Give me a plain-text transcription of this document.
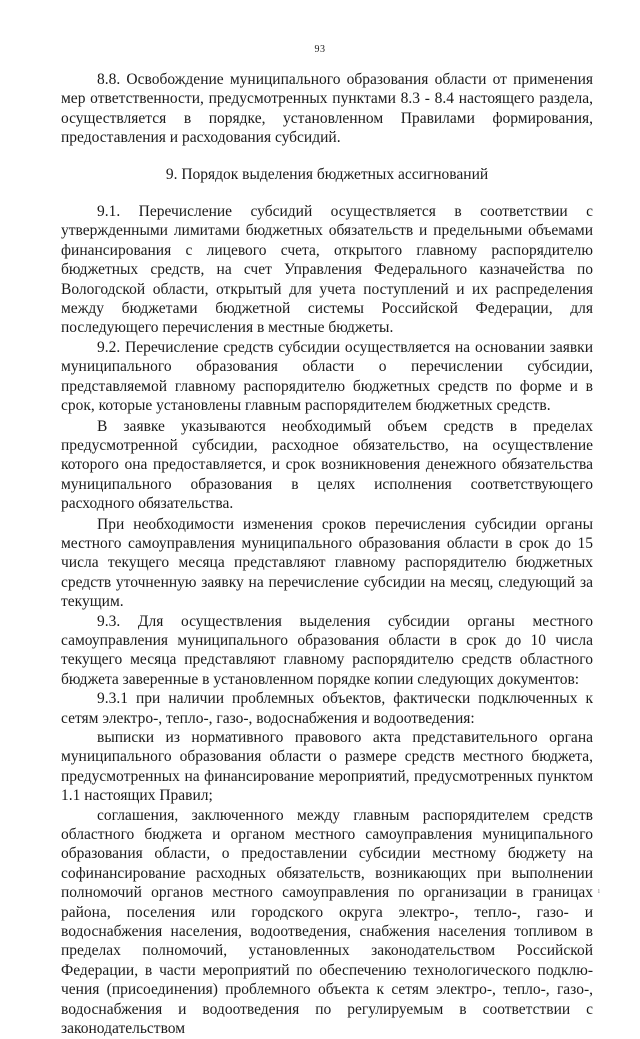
93

8.8. Освобождение муниципального образования области от применения мер ответственности, предусмотренных пунктами 8.3 - 8.4 настоящего раздела, осуществляется в порядке, установленном Правилами формирования, предоставления и расходования субсидий.

9. Порядок выделения бюджетных ассигнований

9.1. Перечисление субсидий осуществляется в соответствии с утвержденными лимитами бюджетных обязательств и предельными объемами финансирования с лицевого счета, открытого главному распорядителю бюджетных средств, на счет Управления Федерального казначейства по Вологодской области, открытый для учета поступлений и их распределения между бюджетами бюджетной системы Российской Федерации, для последующего перечисления в местные бюджеты.

9.2. Перечисление средств субсидии осуществляется на основании заявки муниципального образования области о перечислении субсидии, представляемой главному распорядителю бюджетных средств по форме и в срок, которые установлены главным распорядителем бюджетных средств.

В заявке указываются необходимый объем средств в пределах предусмотренной субсидии, расходное обязательство, на осуществление которого она предоставляется, и срок возникновения денежного обязательства муниципального образования в целях исполнения соответствующего расходного обязательства.

При необходимости изменения сроков перечисления субсидии органы местного самоуправления муниципального образования области в срок до 15 числа текущего месяца представляют главному распорядителю бюджетных средств уточненную заявку на перечисление субсидии на месяц, следующий за текущим.

9.3. Для осуществления выделения субсидии органы местного самоуправления муниципального образования области в срок до 10 числа текущего месяца представляют главному распорядителю средств областного бюджета заверенные в установленном порядке копии следующих документов:

9.3.1 при наличии проблемных объектов, фактически подключенных к сетям электро-, тепло-, газо-, водоснабжения и водоотведения:

выписки из нормативного правового акта представительного органа муниципального образования области о размере средств местного бюджета, предусмотренных на финансирование мероприятий, предусмотренных пунктом 1.1 настоящих Правил;

соглашения, заключенного между главным распорядителем средств областного бюджета и органом местного самоуправления муниципального образования области, о предоставлении субсидии местному бюджету на софинансирование расходных обязательств, возникающих при выполнении полномочий органов местного самоуправления по организации в границах района, поселения или городского округа электро-, тепло-, газо- и водоснабжения населения, водоотведения, снабжения населения топливом в пределах полномочий, установленных законодательством Российской Федерации, в части мероприятий по обеспечению технологического подключения (присоединения) проблемного объекта к сетям электро-, тепло-, газо-, водоснабжения и водоотведения по регулируемым в соответствии с законодательством

ı
